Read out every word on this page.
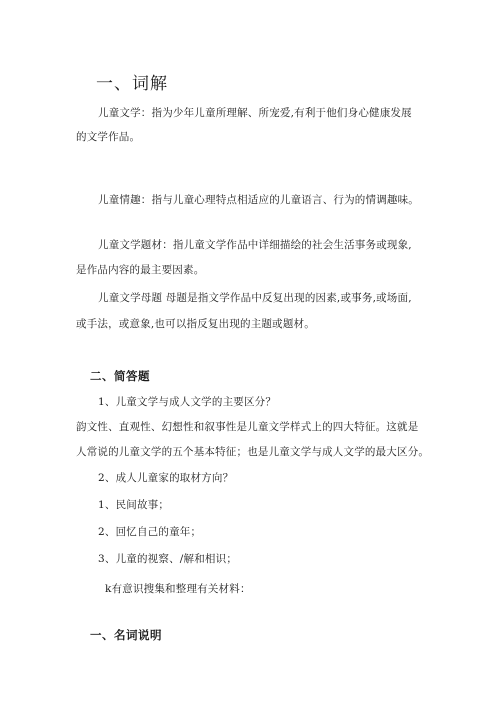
一、词解
儿童文学：指为少年儿童所理解、所宠爱,有利于他们身心健康发展
的文学作品。
儿童情趣：指与儿童心理特点相适应的儿童语言、行为的情调趣味。
儿童文学题材：指儿童文学作品中详细描绘的社会生活事务或现象,
是作品内容的最主要因素。
儿童文学母题 母题是指文学作品中反复出现的因素,或事务,或场面,
或手法，或意象,也可以指反复出现的主题或题材。
二、简答题
1、儿童文学与成人文学的主要区分？
韵文性、直观性、幻想性和叙事性是儿童文学样式上的四大特征。这就是
人常说的儿童文学的五个基本特征；也是儿童文学与成人文学的最大区分。
2、成人儿童家的取材方向？
1、民间故事；
2、回忆自己的童年；
3、儿童的视察、/解和相识；
k有意识搜集和整理有关材料：
一、名词说明
